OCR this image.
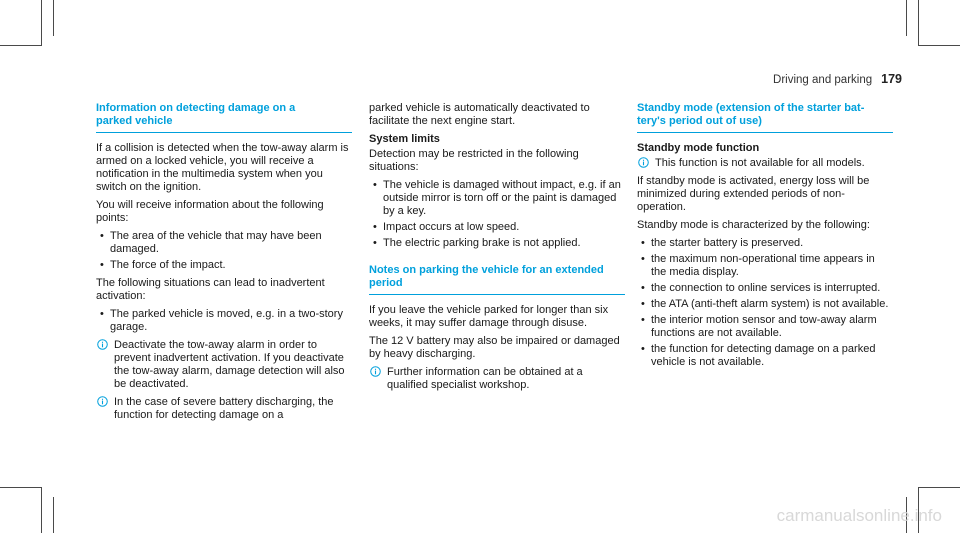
Driving and parking 179
Information on detecting damage on a
parked vehicle

If a collision is detected when the tow-away alarm is armed on a locked vehicle, you will receive a notification in the multimedia system when you switch on the ignition.

You will receive information about the following points:

• The area of the vehicle that may have been damaged.
• The force of the impact.

The following situations can lead to inadvertent activation:

• The parked vehicle is moved, e.g. in a two-story garage.
Deactivate the tow-away alarm in order to prevent inadvertent activation. If you deactivate the tow-away alarm, damage detection will also be deactivated.
In the case of severe battery discharging, the function for detecting damage on a

parked vehicle is automatically deactivated to facilitate the next engine start.

System limits

Detection may be restricted in the following situations:

• The vehicle is damaged without impact, e.g. if an outside mirror is torn off or the paint is damaged by a key.
• Impact occurs at low speed.
• The electric parking brake is not applied.
Notes on parking the vehicle for an extended
period

If you leave the vehicle parked for longer than six weeks, it may suffer damage through disuse.

The 12 V battery may also be impaired or damaged by heavy discharging.

Further information can be obtained at a qualified specialist workshop.
Standby mode (extension of the starter bat-
tery's period out of use)
Standby mode function
This function is not available for all models.

If standby mode is activated, energy loss will be minimized during extended periods of non-operation.

Standby mode is characterized by the following:

• the starter battery is preserved.
• the maximum non-operational time appears in the media display.
• the connection to online services is interrupted.
• the ATA (anti-theft alarm system) is not available.
• the interior motion sensor and tow-away alarm functions are not available.
• the function for detecting damage on a parked vehicle is not available.
carmanualsonline.info
